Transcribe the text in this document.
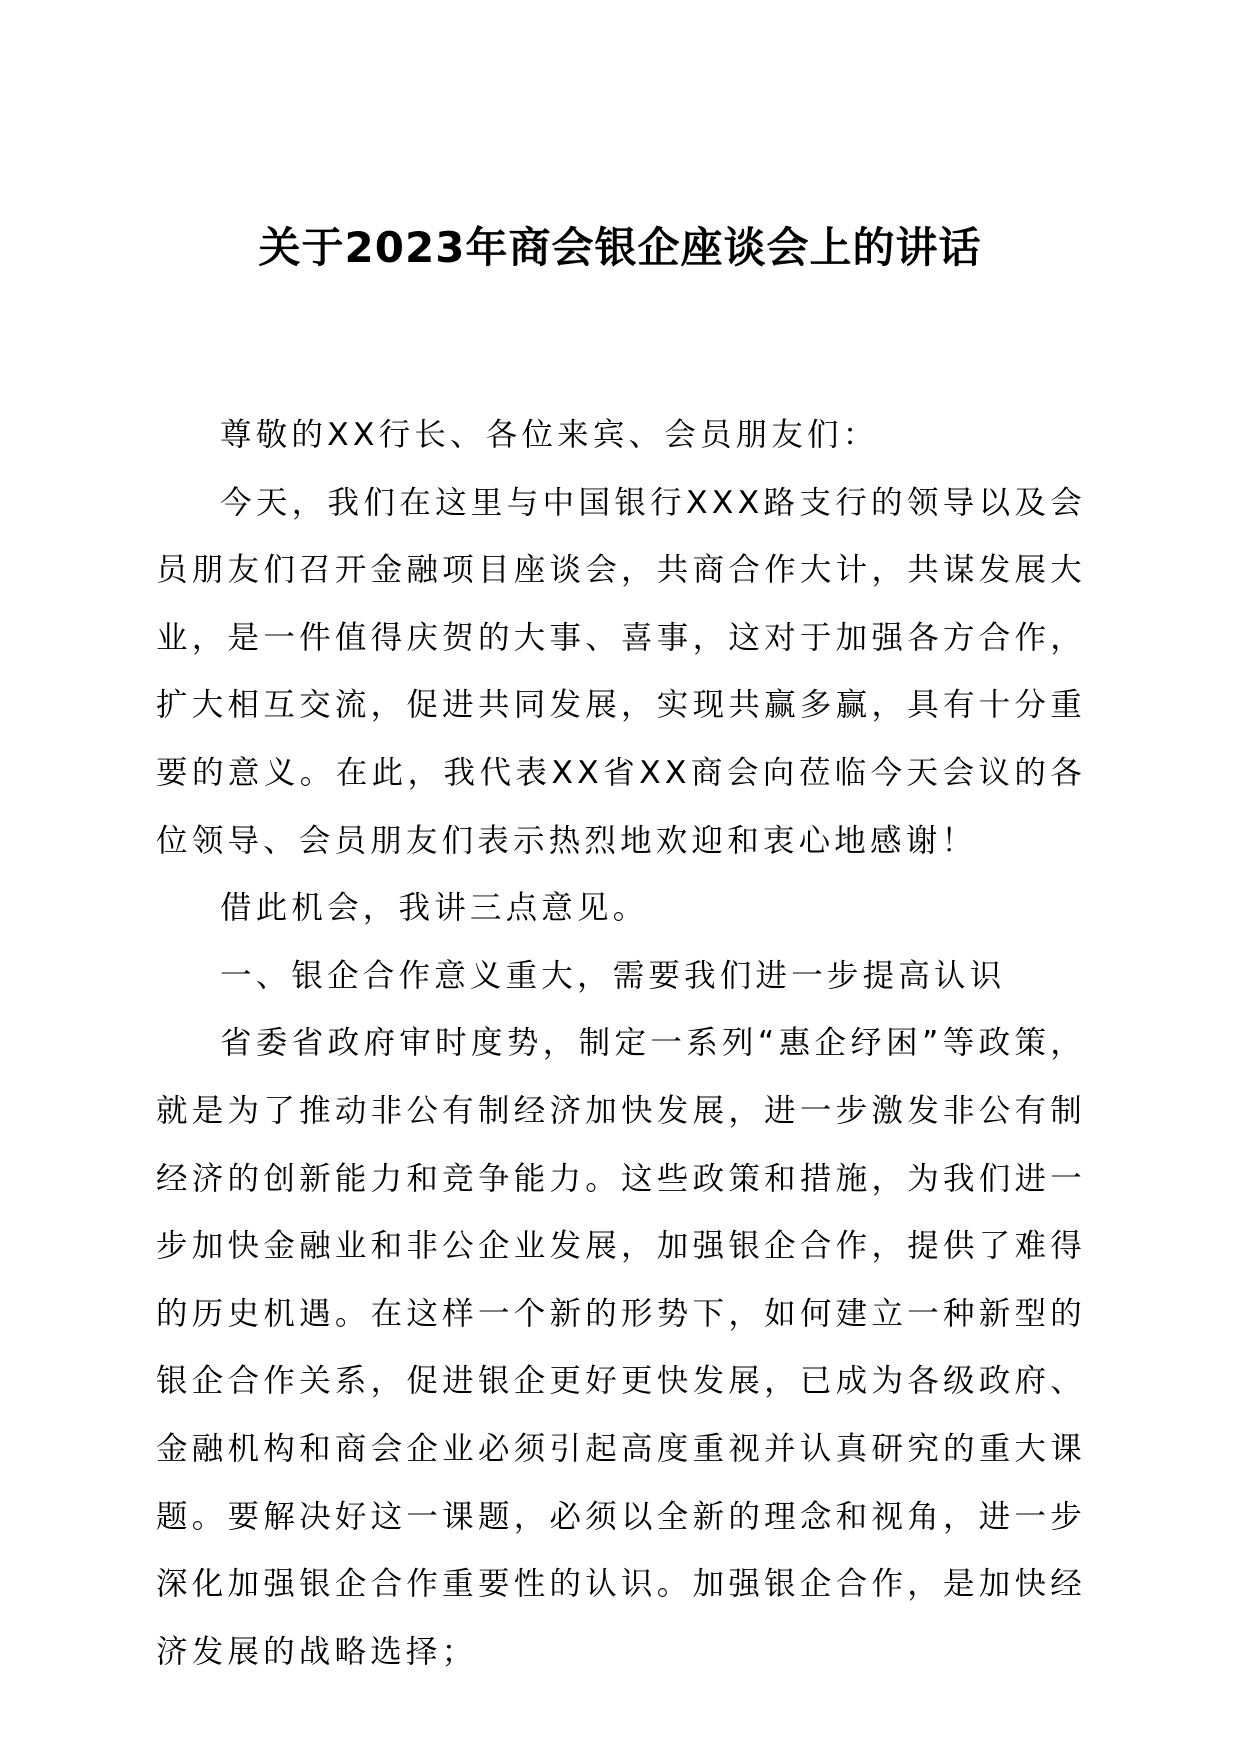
关于2023年商会银企座谈会上的讲话

尊敬的XX行长、各位来宾、会员朋友们：

今天，我们在这里与中国银行XXX路支行的领导以及会员朋友们召开金融项目座谈会，共商合作大计，共谋发展大业，是一件值得庆贺的大事、喜事，这对于加强各方合作，扩大相互交流，促进共同发展，实现共赢多赢，具有十分重要的意义。在此，我代表XX省XX商会向莅临今天会议的各位领导、会员朋友们表示热烈地欢迎和衷心地感谢！

借此机会，我讲三点意见。

一、银企合作意义重大，需要我们进一步提高认识

省委省政府审时度势，制定一系列“惠企纾困”等政策，就是为了推动非公有制经济加快发展，进一步激发非公有制经济的创新能力和竞争能力。这些政策和措施，为我们进一步加快金融业和非公企业发展，加强银企合作，提供了难得的历史机遇。在这样一个新的形势下，如何建立一种新型的银企合作关系，促进银企更好更快发展，已成为各级政府、金融机构和商会企业必须引起高度重视并认真研究的重大课题。要解决好这一课题，必须以全新的理念和视角，进一步深化加强银企合作重要性的认识。加强银企合作，是加快经济发展的战略选择；
